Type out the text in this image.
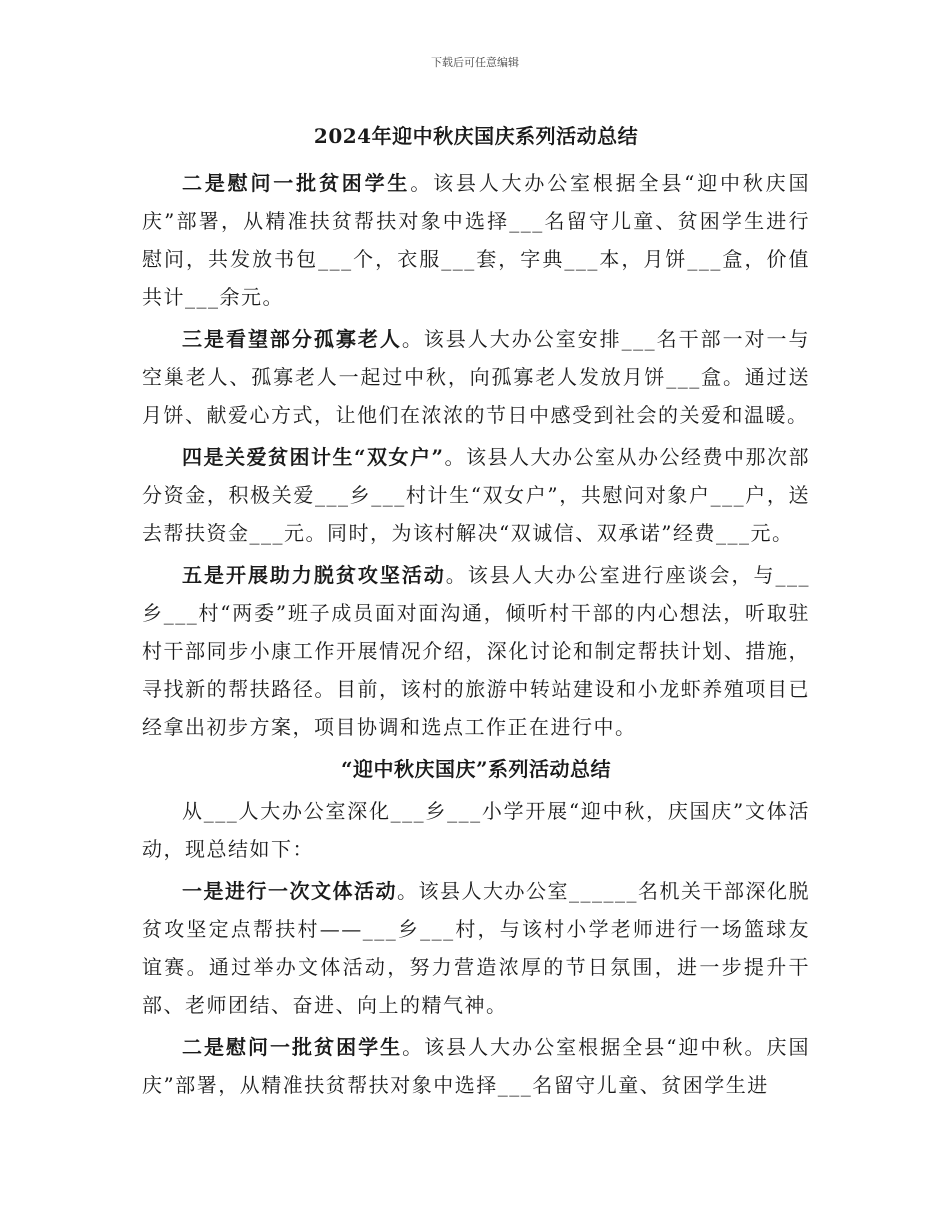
下载后可任意编辑
2024年迎中秋庆国庆系列活动总结

二是慰问一批贫困学生。该县人大办公室根据全县“迎中秋庆国庆”部署，从精准扶贫帮扶对象中选择___名留守儿童、贫困学生进行慰问，共发放书包___个，衣服___套，字典___本，月饼___盒，价值共计___余元。

三是看望部分孤寡老人。该县人大办公室安排___名干部一对一与空巢老人、孤寡老人一起过中秋，向孤寡老人发放月饼___盒。通过送月饼、献爱心方式，让他们在浓浓的节日中感受到社会的关爱和温暖。

四是关爱贫困计生“双女户”。该县人大办公室从办公经费中那次部分资金，积极关爱___乡___村计生“双女户”，共慰问对象户___户，送去帮扶资金___元。同时，为该村解决“双诚信、双承诺”经费___元。

五是开展助力脱贫攻坚活动。该县人大办公室进行座谈会，与___乡___村“两委”班子成员面对面沟通，倾听村干部的内心想法，听取驻村干部同步小康工作开展情况介绍，深化讨论和制定帮扶计划、措施，寻找新的帮扶路径。目前，该村的旅游中转站建设和小龙虾养殖项目已经拿出初步方案，项目协调和选点工作正在进行中。

“迎中秋庆国庆”系列活动总结

从___人大办公室深化___乡___小学开展“迎中秋，庆国庆”文体活动，现总结如下：

一是进行一次文体活动。该县人大办公室______名机关干部深化脱贫攻坚定点帮扶村——___乡___村，与该村小学老师进行一场篮球友谊赛。通过举办文体活动，努力营造浓厚的节日氛围，进一步提升干部、老师团结、奋进、向上的精气神。

二是慰问一批贫困学生。该县人大办公室根据全县“迎中秋。庆国庆”部署，从精准扶贫帮扶对象中选择___名留守儿童、贫困学生进
